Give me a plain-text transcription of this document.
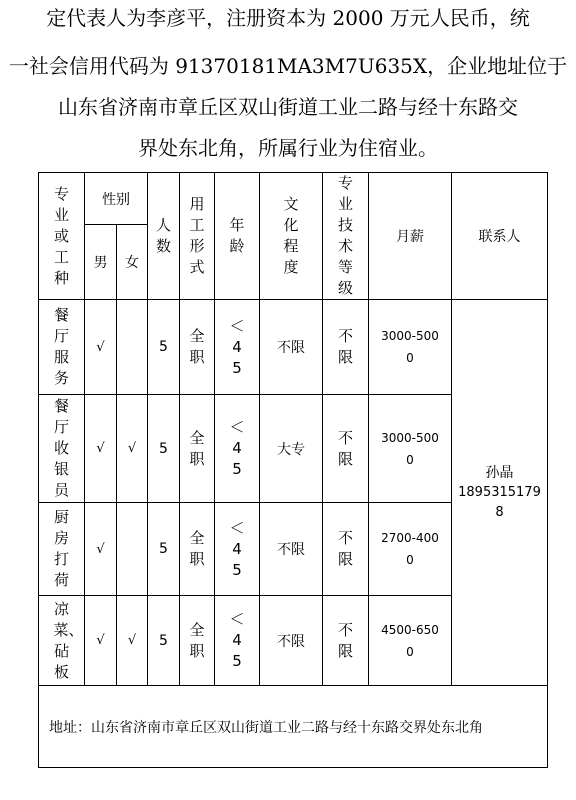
定代表人为李彦平，注册资本为 2000 万元人民币，统
一社会信用代码为 91370181MA3M7U635X，企业地址位于
山东省济南市章丘区双山街道工业二路与经十东路交
界处东北角，所属行业为住宿业。
专业或工种	性别		人数	用工形式	年龄	文化程度	专业技术等级	月薪	联系人
	男	女							
餐厅服务	√		5	全职	＜45	不限	不限	3000-5000	孙晶
18953151798
餐厅收银员	√	√	5	全职	＜45	大专	不限	3000-5000	
厨房打荷	√		5	全职	＜45	不限	不限	2700-4000	
凉菜、砧板	√	√	5	全职	＜45	不限	不限	4500-6500	
地址：山东省济南市章丘区双山街道工业二路与经十东路交界处东北角									
